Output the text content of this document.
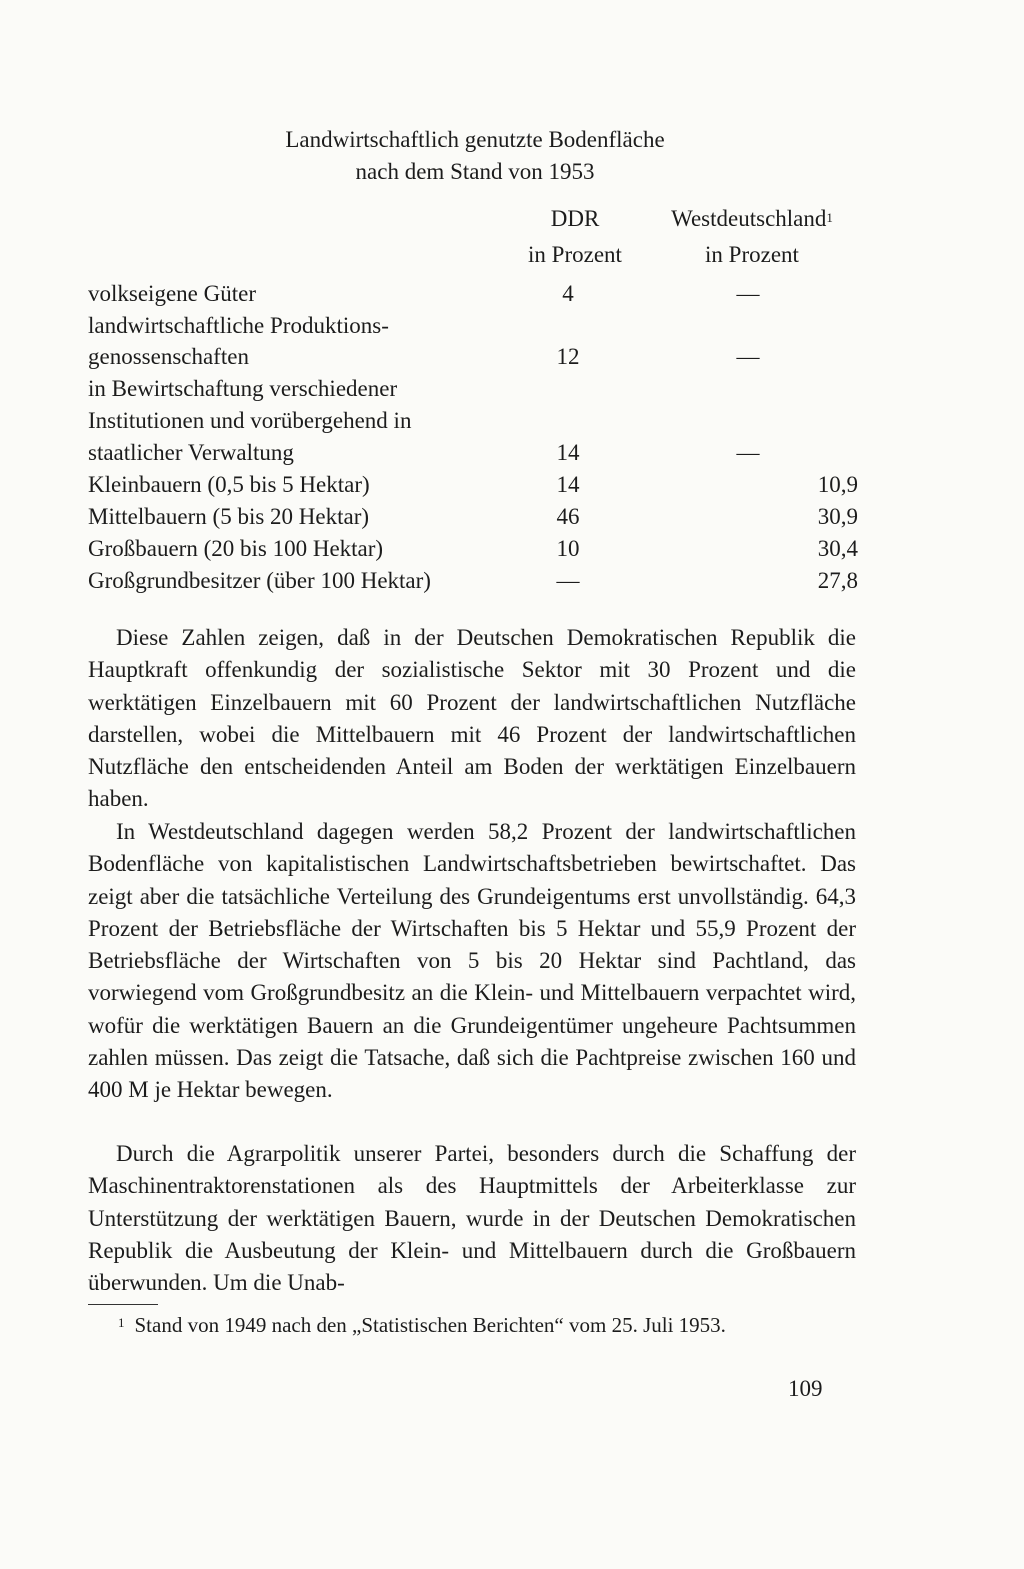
Landwirtschaftlich genutzte Bodenfläche
nach dem Stand von 1953
DDR
in Prozent
Westdeutschland$^1$
in Prozent
volkseigene Güter	4	—
landwirtschaftliche Produktions-
genossenschaften	12	—
in Bewirtschaftung verschiedener
Institutionen und vorübergehend in
staatlicher Verwaltung	14	—
Kleinbauern (0,5 bis 5 Hektar)	14	10,9
Mittelbauern (5 bis 20 Hektar)	46	30,9
Großbauern (20 bis 100 Hektar)	10	30,4
Großgrundbesitzer (über 100 Hektar)	—	27,8
Diese Zahlen zeigen, daß in der Deutschen Demokratischen Republik die Hauptkraft offenkundig der sozialistische Sektor mit 30 Prozent und die werktätigen Einzelbauern mit 60 Prozent der landwirtschaftlichen Nutzfläche darstellen, wobei die Mittelbauern mit 46 Prozent der landwirtschaftlichen Nutzfläche den entscheidenden Anteil am Boden der werktätigen Einzelbauern haben.
In Westdeutschland dagegen werden 58,2 Prozent der landwirtschaftlichen Bodenfläche von kapitalistischen Landwirtschaftsbetrieben bewirtschaftet. Das zeigt aber die tatsächliche Verteilung des Grundeigentums erst unvollständig. 64,3 Prozent der Betriebsfläche der Wirtschaften bis 5 Hektar und 55,9 Prozent der Betriebsfläche der Wirtschaften von 5 bis 20 Hektar sind Pachtland, das vorwiegend vom Großgrundbesitz an die Klein- und Mittelbauern verpachtet wird, wofür die werktätigen Bauern an die Grundeigentümer ungeheure Pachtsummen zahlen müssen. Das zeigt die Tatsache, daß sich die Pachtpreise zwischen 160 und 400 M je Hektar bewegen.
Durch die Agrarpolitik unserer Partei, besonders durch die Schaffung der Maschinentraktorenstationen als des Hauptmittels der Arbeiterklasse zur Unterstützung der werktätigen Bauern, wurde in der Deutschen Demokratischen Republik die Ausbeutung der Klein- und Mittelbauern durch die Großbauern überwunden. Um die Unab-
$^1$ Stand von 1949 nach den „Statistischen Berichten“ vom 25. Juli 1953.
109
